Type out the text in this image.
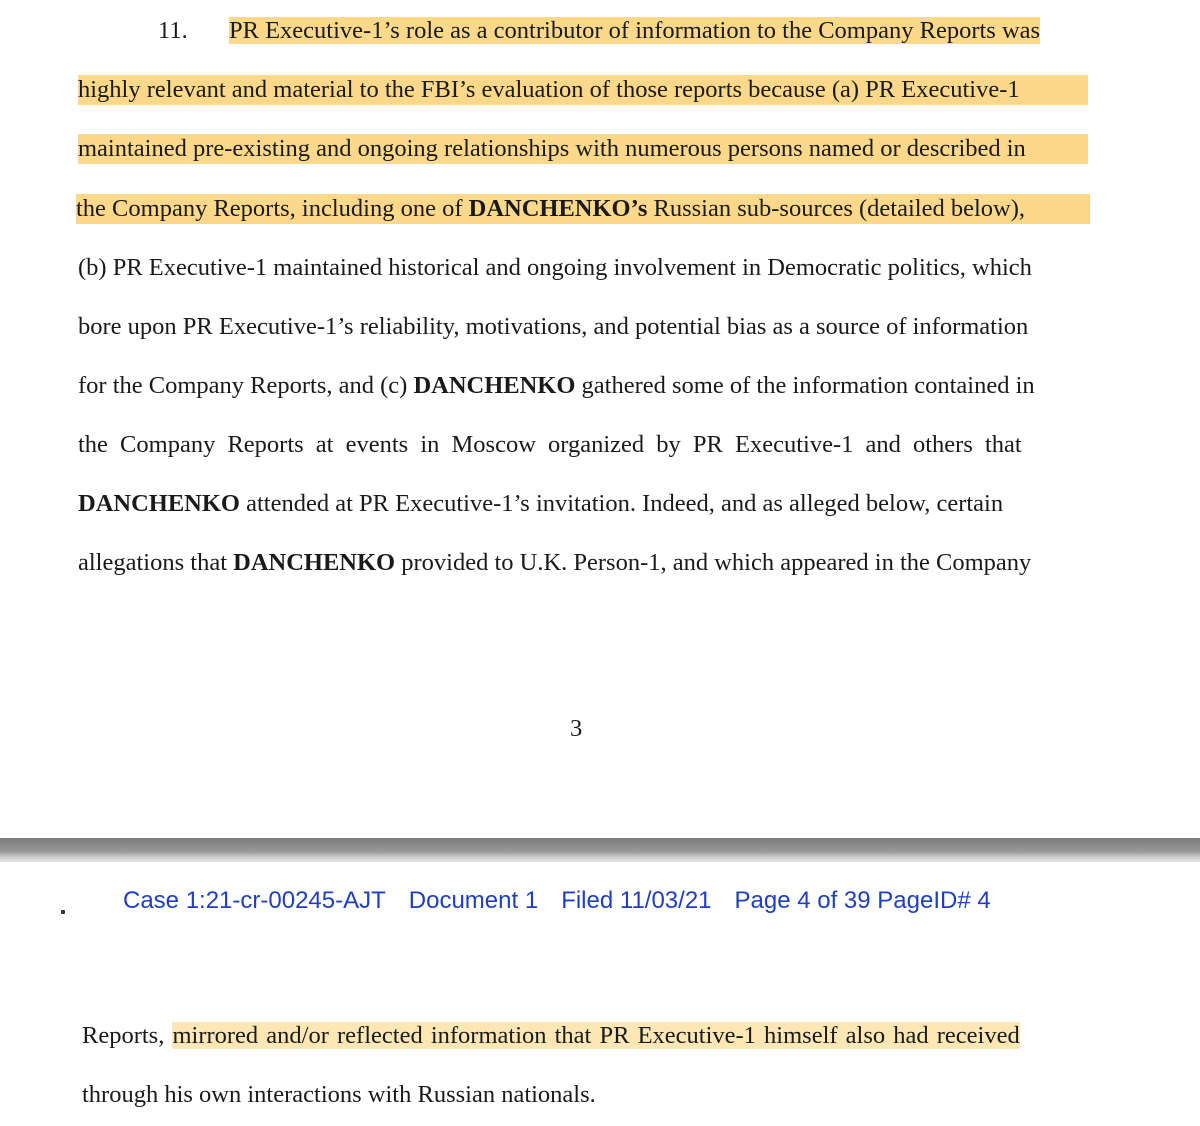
11. PR Executive-1’s role as a contributor of information to the Company Reports was
highly relevant and material to the FBI’s evaluation of those reports because (a) PR Executive-1
maintained pre-existing and ongoing relationships with numerous persons named or described in
the Company Reports, including one of DANCHENKO’s Russian sub-sources (detailed below),
(b) PR Executive-1 maintained historical and ongoing involvement in Democratic politics, which
bore upon PR Executive-1’s reliability, motivations, and potential bias as a source of information
for the Company Reports, and (c) DANCHENKO gathered some of the information contained in
the Company Reports at events in Moscow organized by PR Executive-1 and others that
DANCHENKO attended at PR Executive-1’s invitation. Indeed, and as alleged below, certain
allegations that DANCHENKO provided to U.K. Person-1, and which appeared in the Company
3
Case 1:21-cr-00245-AJT Document 1 Filed 11/03/21 Page 4 of 39 PageID# 4
Reports, mirrored and/or reflected information that PR Executive-1 himself also had received
through his own interactions with Russian nationals.
